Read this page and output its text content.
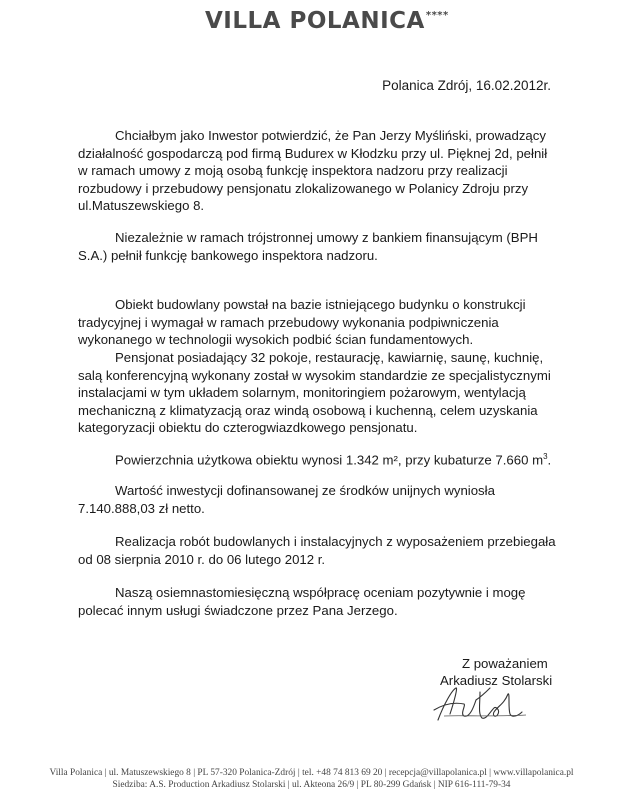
VILLA POLANICA****
Polanica Zdrój, 16.02.2012r.

Chciałbym jako Inwestor potwierdzić, że Pan Jerzy Myśliński, prowadzący działalność gospodarczą pod firmą Budurex w Kłodzku przy ul. Pięknej 2d, pełnił w ramach umowy z moją osobą funkcję inspektora nadzoru przy realizacji rozbudowy i przebudowy pensjonatu zlokalizowanego w Polanicy Zdroju przy ul.Matuszewskiego 8.

Niezależnie w ramach trójstronnej umowy z bankiem finansującym (BPH S.A.) pełnił funkcję bankowego inspektora nadzoru.

Obiekt budowlany powstał na bazie istniejącego budynku o konstrukcji tradycyjnej i wymagał w ramach przebudowy wykonania podpiwniczenia wykonanego w technologii wysokich podbić ścian fundamentowych.

Pensjonat posiadający 32 pokoje, restaurację, kawiarnię, saunę, kuchnię, salą konferencyjną wykonany został w wysokim standardzie ze specjalistycznymi instalacjami w tym układem solarnym, monitoringiem pożarowym, wentylacją mechaniczną z klimatyzacją oraz windą osobową i kuchenną, celem uzyskania kategoryzacji obiektu do czterogwiazdkowego pensjonatu.

Powierzchnia użytkowa obiektu wynosi 1.342 m², przy kubaturze 7.660 $m^3$.

Wartość inwestycji dofinansowanej ze środków unijnych wyniosła 7.140.888,03 zł netto.

Realizacja robót budowlanych i instalacyjnych z wyposażeniem przebiegała od 08 sierpnia 2010 r. do 06 lutego 2012 r.

Naszą osiemnastomiesięczną współpracę oceniam pozytywnie i mogę polecać innym usługi świadczone przez Pana Jerzego.

Z poważaniem
Arkadiusz Stolarski
Villa Polanica | ul. Matuszewskiego 8 | PL 57-320 Polanica-Zdrój | tel. +48 74 813 69 20 | recepcja@villapolanica.pl | www.villapolanica.pl
Siedziba: A.S. Production Arkadiusz Stolarski | ul. Akteona 26/9 | PL 80-299 Gdańsk | NIP 616-111-79-34
